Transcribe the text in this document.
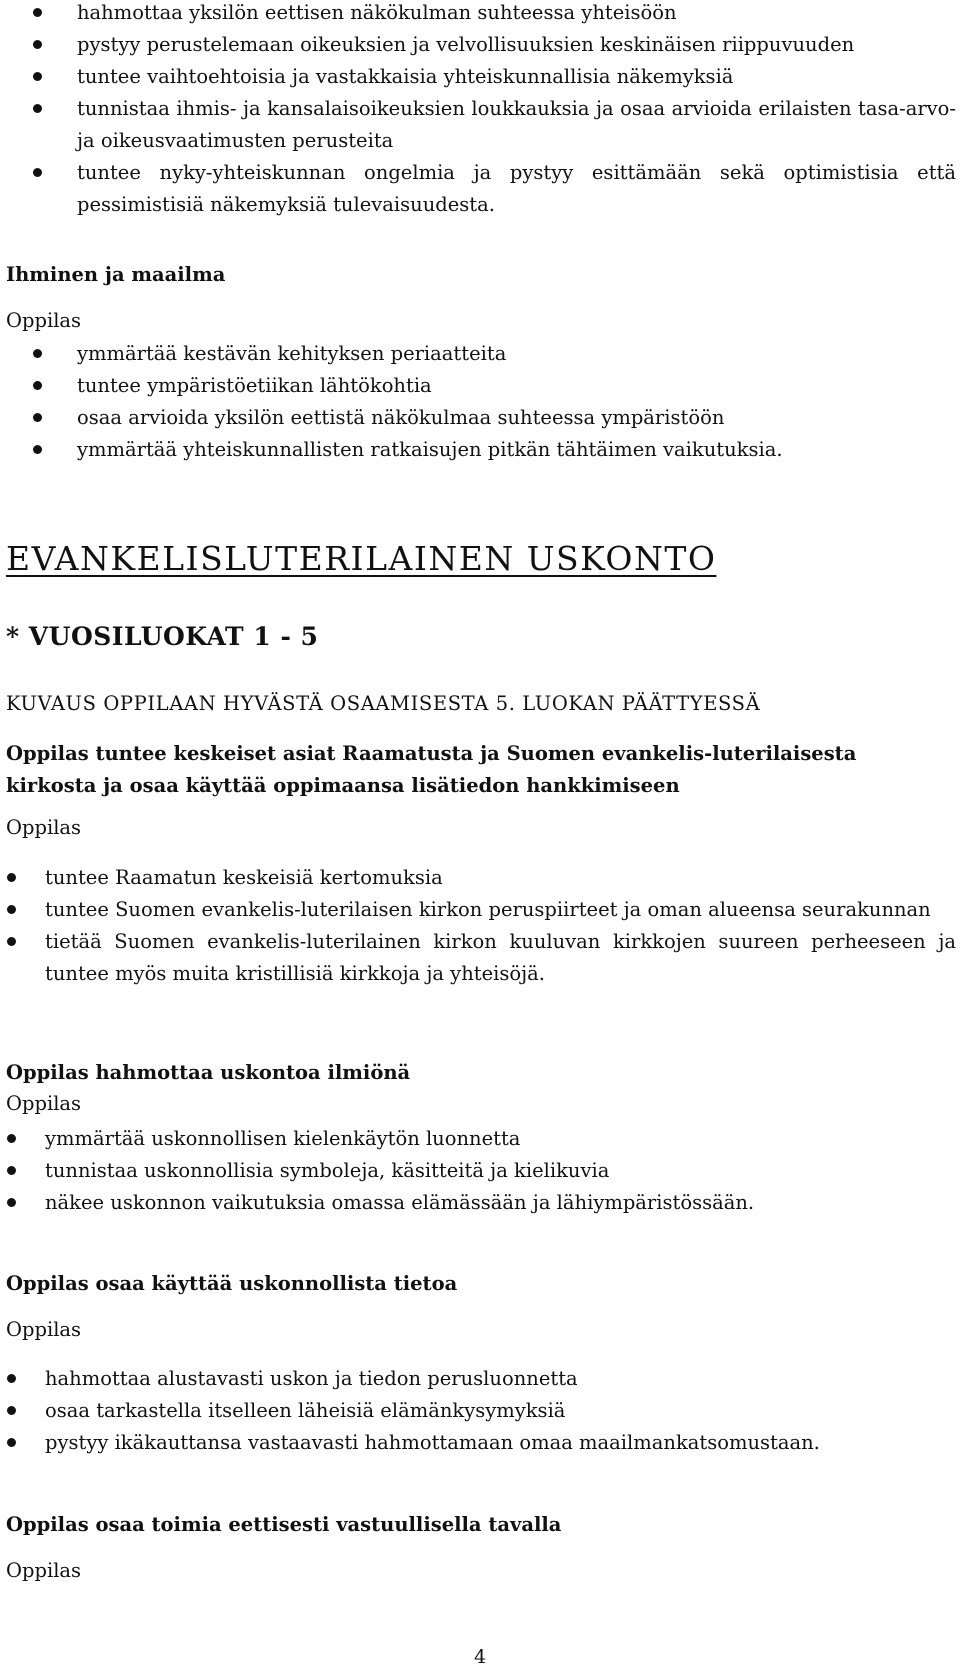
hahmottaa yksilön eettisen näkökulman suhteessa yhteisöön
pystyy perustelemaan oikeuksien ja velvollisuuksien keskinäisen riippuvuuden
tuntee vaihtoehtoisia ja vastakkaisia yhteiskunnallisia näkemyksiä
tunnistaa ihmis- ja kansalaisoikeuksien loukkauksia ja osaa arvioida erilaisten tasa-arvo- ja oikeusvaatimusten perusteita
tuntee nyky-yhteiskunnan ongelmia ja pystyy esittämään sekä optimistisia että pessimistisiä näkemyksiä tulevaisuudesta.
Ihminen ja maailma
Oppilas
ymmärtää kestävän kehityksen periaatteita
tuntee ympäristöetiikan lähtökohtia
osaa arvioida yksilön eettistä näkökulmaa suhteessa ympäristöön
ymmärtää yhteiskunnallisten ratkaisujen pitkän tähtäimen vaikutuksia.
EVANKELISLUTERILAINEN USKONTO
* VUOSILUOKAT 1 - 5
KUVAUS OPPILAAN HYVÄSTÄ OSAAMISESTA 5. LUOKAN PÄÄTTYESSÄ
Oppilas tuntee keskeiset asiat Raamatusta ja Suomen evankelis-luterilaisesta
kirkosta ja osaa käyttää oppimaansa lisätiedon hankkimiseen
Oppilas
tuntee Raamatun keskeisiä kertomuksia
tuntee Suomen evankelis-luterilaisen kirkon peruspiirteet ja oman alueensa seurakunnan
tietää Suomen evankelis-luterilainen kirkon kuuluvan kirkkojen suureen perheeseen ja tuntee myös muita kristillisiä kirkkoja ja yhteisöjä.
Oppilas hahmottaa uskontoa ilmiönä
Oppilas
ymmärtää uskonnollisen kielenkäytön luonnetta
tunnistaa uskonnollisia symboleja, käsitteitä ja kielikuvia
näkee uskonnon vaikutuksia omassa elämässään ja lähiympäristössään.
Oppilas osaa käyttää uskonnollista tietoa
Oppilas
hahmottaa alustavasti uskon ja tiedon perusluonnetta
osaa tarkastella itselleen läheisiä elämänkysymyksiä
pystyy ikäkauttansa vastaavasti hahmottamaan omaa maailmankatsomustaan.
Oppilas osaa toimia eettisesti vastuullisella tavalla
Oppilas
4
